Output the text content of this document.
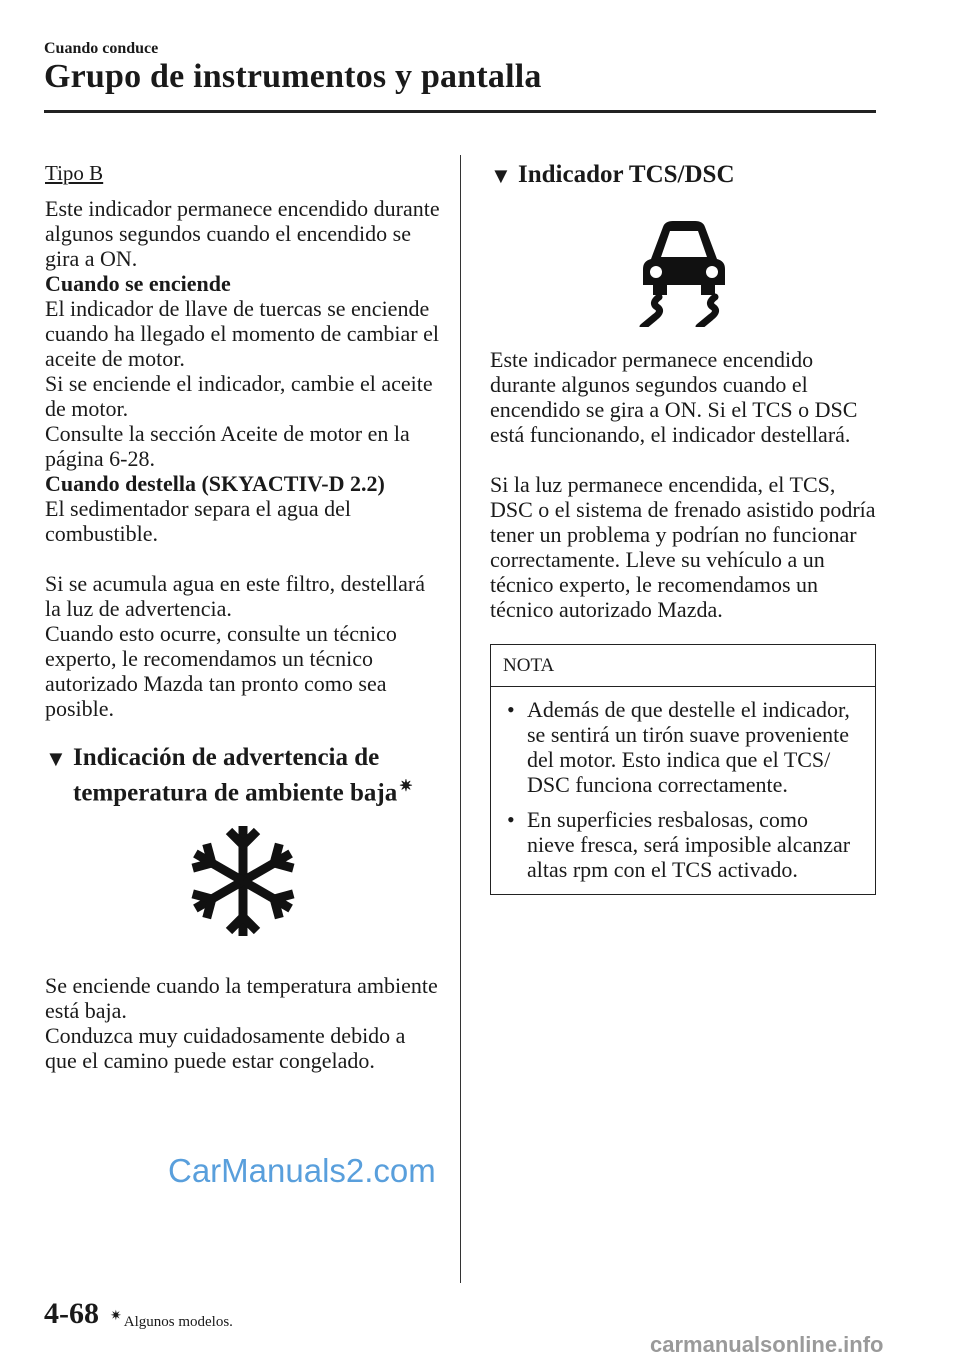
Cuando conduce
Grupo de instrumentos y pantalla
Tipo B

Este indicador permanece encendido durante algunos segundos cuando el encendido se gira a ON.

Cuando se enciende

El indicador de llave de tuercas se enciende cuando ha llegado el momento de cambiar el aceite de motor.

Si se enciende el indicador, cambie el aceite de motor.

Consulte la sección Aceite de motor en la página 6-28.

Cuando destella (SKYACTIV-D 2.2)

El sedimentador separa el agua del combustible.

Si se acumula agua en este filtro, destellará la luz de advertencia.

Cuando esto ocurre, consulte un técnico experto, le recomendamos un técnico autorizado Mazda tan pronto como sea posible.

▼ Indicación de advertencia de
temperatura de ambiente baja ✷

Se enciende cuando la temperatura ambiente está baja.

Conduzca muy cuidadosamente debido a que el camino puede estar congelado.

▼ Indicador TCS/DSC

Este indicador permanece encendido durante algunos segundos cuando el encendido se gira a ON. Si el TCS o DSC está funcionando, el indicador destellará.

Si la luz permanece encendida, el TCS, DSC o el sistema de frenado asistido podría tener un problema y podrían no funcionar correctamente. Lleve su vehículo a un técnico experto, le recomendamos un técnico autorizado Mazda.

NOTA
• Además de que destelle el indicador, se sentirá un tirón suave proveniente del motor. Esto indica que el TCS/ DSC funciona correctamente.
• En superficies resbalosas, como nieve fresca, será imposible alcanzar altas rpm con el TCS activado.
CarManuals2.com
4-68 ✷ Algunos modelos.
carmanualsonline.info
